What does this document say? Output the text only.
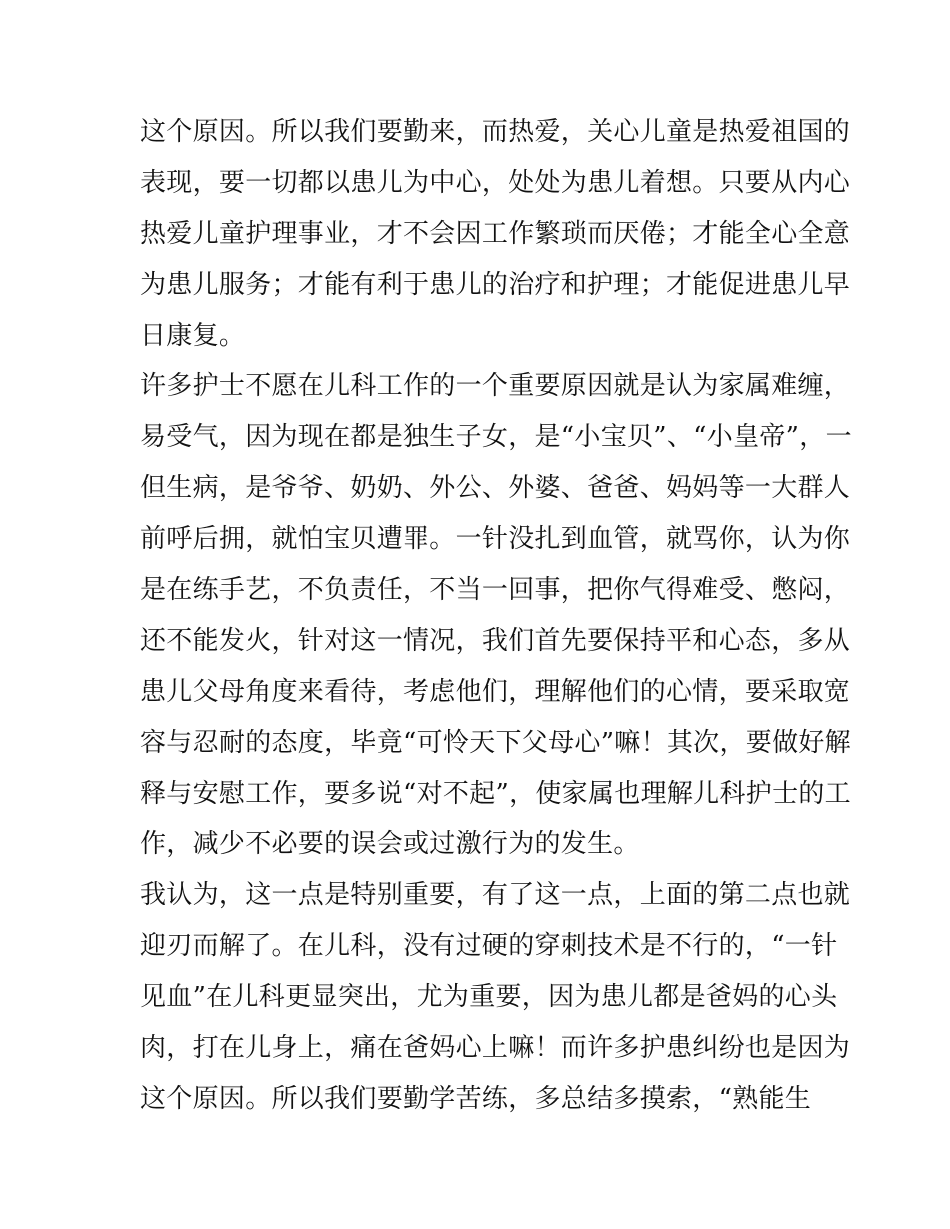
这个原因。所以我们要勤来，而热爱，关心儿童是热爱祖国的
表现，要一切都以患儿为中心，处处为患儿着想。只要从内心
热爱儿童护理事业，才不会因工作繁琐而厌倦；才能全心全意
为患儿服务；才能有利于患儿的治疗和护理；才能促进患儿早
日康复。
许多护士不愿在儿科工作的一个重要原因就是认为家属难缠，
易受气，因为现在都是独生子女，是“小宝贝”、“小皇帝”，一
但生病，是爷爷、奶奶、外公、外婆、爸爸、妈妈等一大群人
前呼后拥，就怕宝贝遭罪。一针没扎到血管，就骂你，认为你
是在练手艺，不负责任，不当一回事，把你气得难受、憋闷，
还不能发火，针对这一情况，我们首先要保持平和心态，多从
患儿父母角度来看待，考虑他们，理解他们的心情，要采取宽
容与忍耐的态度，毕竟“可怜天下父母心”嘛！其次，要做好解
释与安慰工作，要多说“对不起”，使家属也理解儿科护士的工
作，减少不必要的误会或过激行为的发生。
我认为，这一点是特别重要，有了这一点，上面的第二点也就
迎刃而解了。在儿科，没有过硬的穿刺技术是不行的，“一针
见血”在儿科更显突出，尤为重要，因为患儿都是爸妈的心头
肉，打在儿身上，痛在爸妈心上嘛！而许多护患纠纷也是因为
这个原因。所以我们要勤学苦练，多总结多摸索，“熟能生
